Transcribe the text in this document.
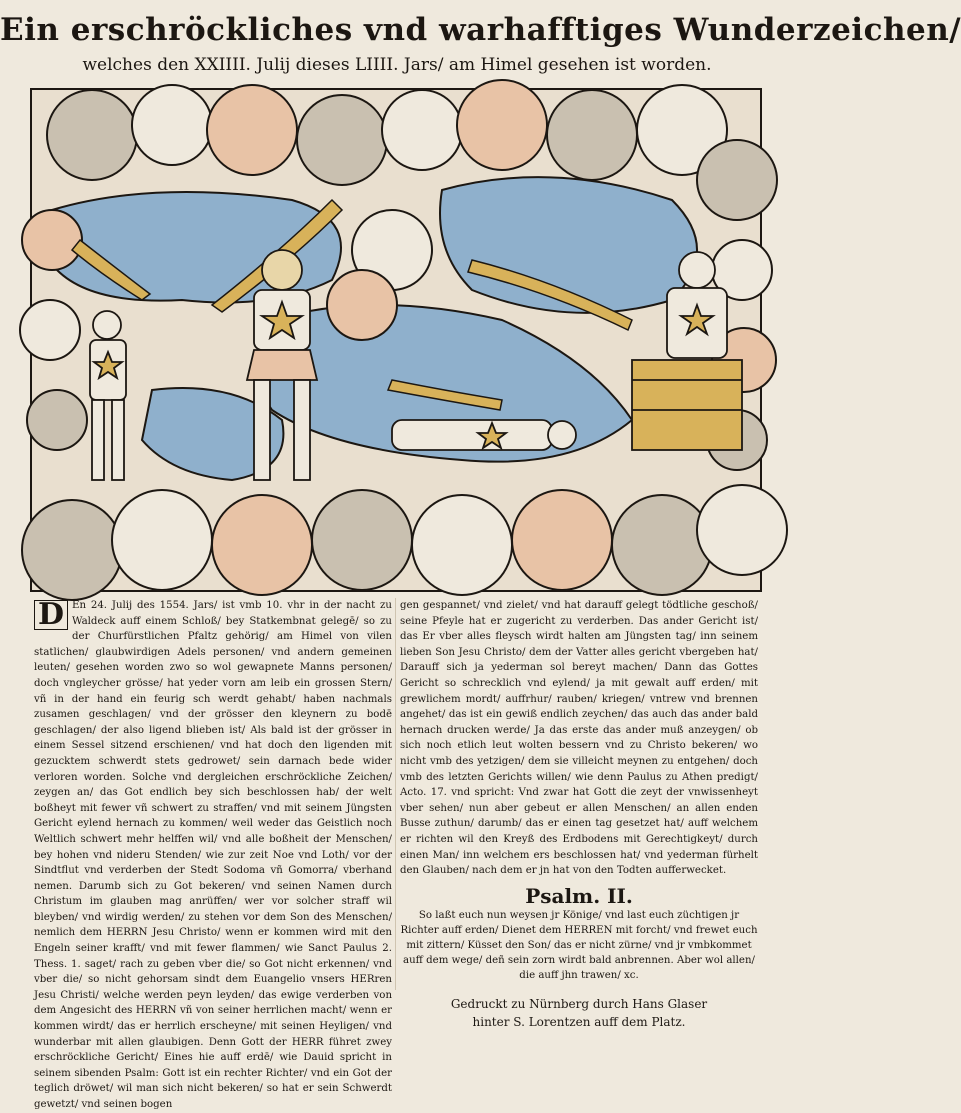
Ein erschröckliches vnd warhafftiges Wunderzeichen/
welches den XXIIII. Julij dieses LIIII. Jars/ am Himel gesehen ist worden.

D En 24. Julij des 1554. Jars/ ist vmb 10. vhr in der nacht zu Waldeck auff einem Schloß/ bey Statkembnat gelegē/ so zu der Churfürstlichen Pfaltz gehörig/ am Himel von vilen statlichen/ glaubwirdigen Adels personen/ vnd andern gemeinen leuten/ gesehen worden zwo so wol gewapnete Manns personen/ doch vngleycher grösse/ hat yeder vorn am leib ein grossen Stern/ vñ in der hand ein feurig sch werdt gehabt/ haben nachmals zusamen geschlagen/ vnd der grösser den kleynern zu bodē geschlagen/ der also ligend blieben ist/ Als bald ist der grösser in einem Sessel sitzend erschienen/ vnd hat doch den ligenden mit gezucktem schwerdt stets gedrowet/ sein darnach bede wider verloren worden. Solche vnd dergleichen erschröckliche Zeichen/ zeygen an/ das Got endlich bey sich beschlossen hab/ der welt boßheyt mit fewer vñ schwert zu straffen/ vnd mit seinem Jüngsten Gericht eylend hernach zu kommen/ weil weder das Geistlich noch Weltlich schwert mehr helffen wil/ vnd alle boßheit der Menschen/ bey hohen vnd nideru Stenden/ wie zur zeit Noe vnd Loth/ vor der Sindtflut vnd verderben der Stedt Sodoma vñ Gomorra/ vberhand nemen. Darumb sich zu Got bekeren/ vnd seinen Namen durch Christum im glauben mag anrüffen/ wer vor solcher straff wil bleyben/ vnd wirdig werden/ zu stehen vor dem Son des Menschen/ nemlich dem HERRN Jesu Christo/ wenn er kommen wird mit den Engeln seiner krafft/ vnd mit fewer flammen/ wie Sanct Paulus 2. Thess. 1. saget/ rach zu geben vber die/ so Got nicht erkennen/ vnd vber die/ so nicht gehorsam sindt dem Euangelio vnsers HERren Jesu Christi/ welche werden peyn leyden/ das ewige verderben von dem Angesicht des HERRN vñ von seiner herrlichen macht/ wenn er kommen wirdt/ das er herrlich erscheyne/ mit seinen Heyligen/ vnd wunderbar mit allen glaubigen. Denn Gott der HERR führet zwey erschröckliche Gericht/ Eines hie auff erdē/ wie Dauid spricht in seinem sibenden Psalm: Gott ist ein rechter Richter/ vnd ein Got der teglich dröwet/ wil man sich nicht bekeren/ so hat er sein Schwerdt gewetzt/ vnd seinen bogen

gen gespannet/ vnd zielet/ vnd hat darauff gelegt tödtliche geschoß/ seine Pfeyle hat er zugericht zu verderben. Das ander Gericht ist/ das Er vber alles fleysch wirdt halten am Jüngsten tag/ inn seinem lieben Son Jesu Christo/ dem der Vatter alles gericht vbergeben hat/ Darauff sich ja yederman sol bereyt machen/ Dann das Gottes Gericht so schrecklich vnd eylend/ ja mit gewalt auff erden/ mit grewlichem mordt/ auffrhur/ rauben/ kriegen/ vntrew vnd brennen angehet/ das ist ein gewiß endlich zeychen/ das auch das ander bald hernach drucken werde/ Ja das erste das ander muß anzeygen/ ob sich noch etlich leut wolten bessern vnd zu Christo bekeren/ wo nicht vmb des yetzigen/ dem sie villeicht meynen zu entgehen/ doch vmb des letzten Gerichts willen/ wie denn Paulus zu Athen predigt/ Acto. 17. vnd spricht: Vnd zwar hat Gott die zeyt der vnwissenheyt vber sehen/ nun aber gebeut er allen Menschen/ an allen enden Busse zuthun/ darumb/ das er einen tag gesetzet hat/ auff welchem er richten wil den Kreyß des Erdbodens mit Gerechtigkeyt/ durch einen Man/ inn welchem ers beschlossen hat/ vnd yederman fürhelt den Glauben/ nach dem er jn hat von den Todten aufferwecket.

Psalm. II.

So laßt euch nun weysen jr Könige/ vnd last euch züchtigen jr Richter auff erden/ Dienet dem HERREN mit forcht/ vnd frewet euch mit zittern/ Küsset den Son/ das er nicht zürne/ vnd jr vmbkommet auff dem wege/ deñ sein zorn wirdt bald anbrennen. Aber wol allen/ die auff jhn trawen/ xc.

Gedruckt zu Nürnberg durch Hans Glaser
hinter S. Lorentzen auff dem Platz.
